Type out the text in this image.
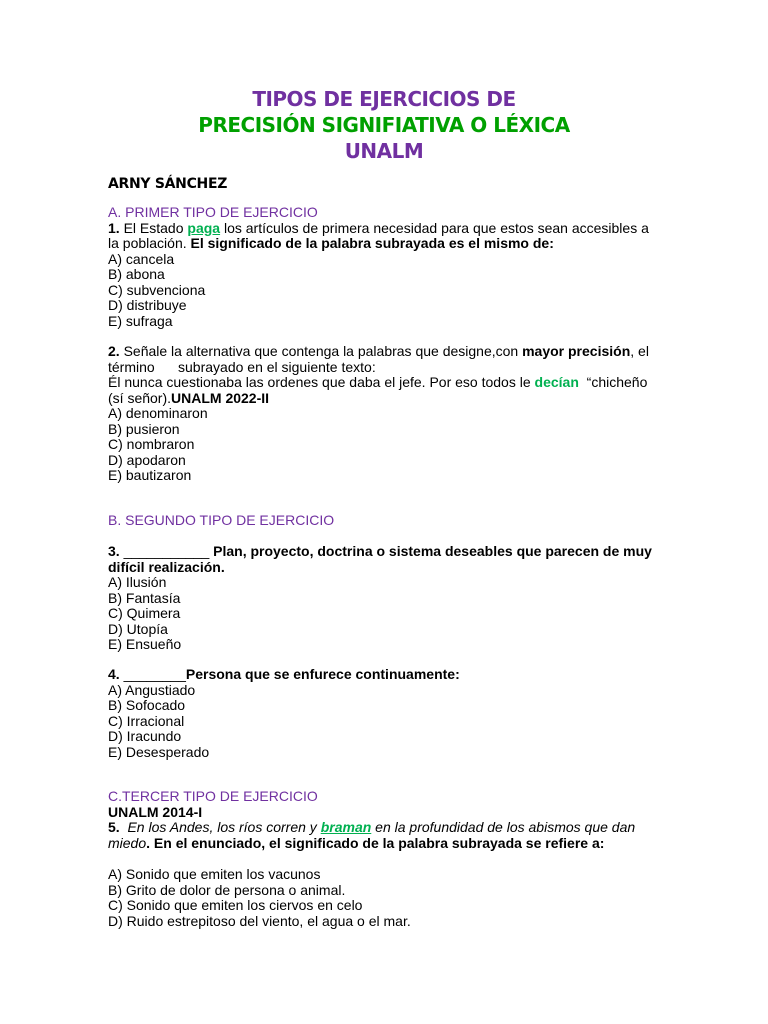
TIPOS DE EJERCICIOS DE
PRECISIÓN SIGNIFIATIVA O LÉXICA
UNALM
ARNY SÁNCHEZ
A. PRIMER TIPO DE EJERCICIO
1. El Estado paga los artículos de primera necesidad para que estos sean accesibles a
la población. El significado de la palabra subrayada es el mismo de:
A) cancela
B) abona
C) subvenciona
D) distribuye
E) sufraga
2. Señale la alternativa que contenga la palabras que designe,con mayor precisión, el
término      subrayado en el siguiente texto:
Él nunca cuestionaba las ordenes que daba el jefe. Por eso todos le decían  “chicheño
(sí señor).UNALM 2022-II
A) denominaron
B) pusieron
C) nombraron
D) apodaron
E) bautizaron
B. SEGUNDO TIPO DE EJERCICIO
3. ___________ Plan, proyecto, doctrina o sistema deseables que parecen de muy
difícil realización.
A) Ilusión
B) Fantasía
C) Quimera
D) Utopía
E) Ensueño
4. ________Persona que se enfurece continuamente:
A) Angustiado
B) Sofocado
C) Irracional
D) Iracundo
E) Desesperado
C.TERCER TIPO DE EJERCICIO
UNALM 2014-I
5.  En los Andes, los ríos corren y braman en la profundidad de los abismos que dan
miedo. En el enunciado, el significado de la palabra subrayada se refiere a:
A) Sonido que emiten los vacunos
B) Grito de dolor de persona o animal.
C) Sonido que emiten los ciervos en celo
D) Ruido estrepitoso del viento, el agua o el mar.
